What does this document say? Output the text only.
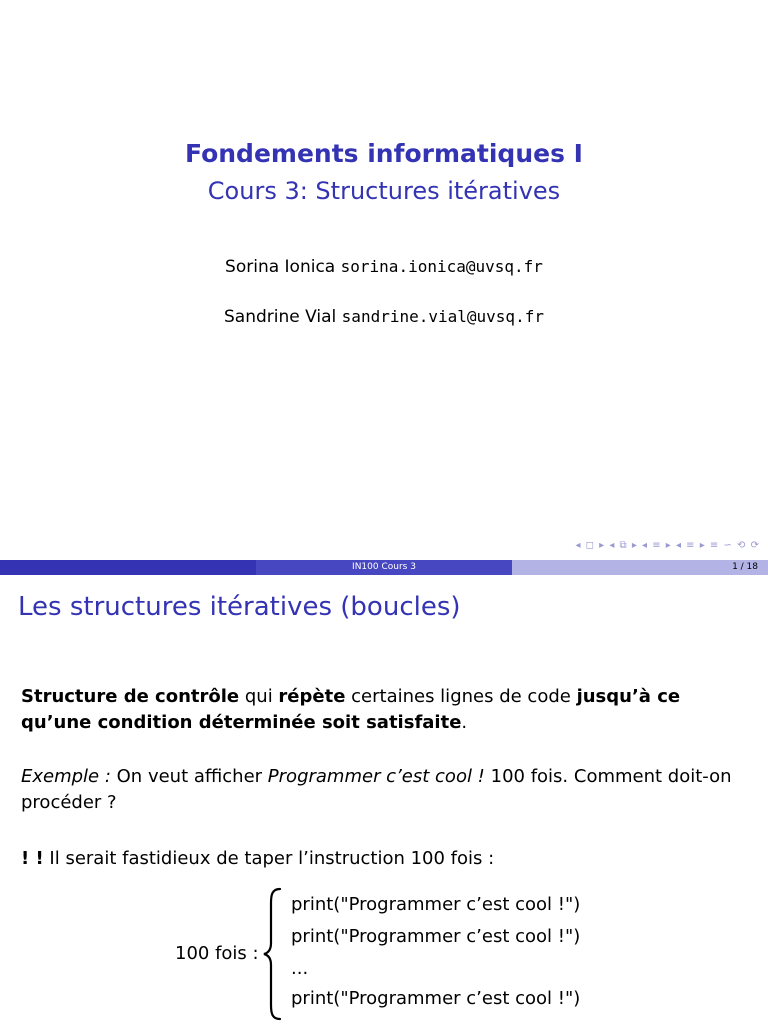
Fondements informatiques I
Cours 3: Structures itératives
Sorina Ionica sorina.ionica@uvsq.fr
Sandrine Vial sandrine.vial@uvsq.fr
◂ ◻ ▸ ◂ ⧉ ▸ ◂ ≡ ▸ ◂ ≡ ▸ ≡ ∽ ⟲ ⟳
IN100 Cours 3	1 / 18
Les structures itératives (boucles)
Structure de contrôle qui répète certaines lignes de code jusqu’à ce qu’une condition déterminée soit satisfaite.
Exemple : On veut afficher Programmer c’est cool ! 100 fois. Comment doit-on procéder ?
! ! Il serait fastidieux de taper l’instruction 100 fois :
100 fois :
print("Programmer c’est cool !")
print("Programmer c’est cool !")
...
print("Programmer c’est cool !")
